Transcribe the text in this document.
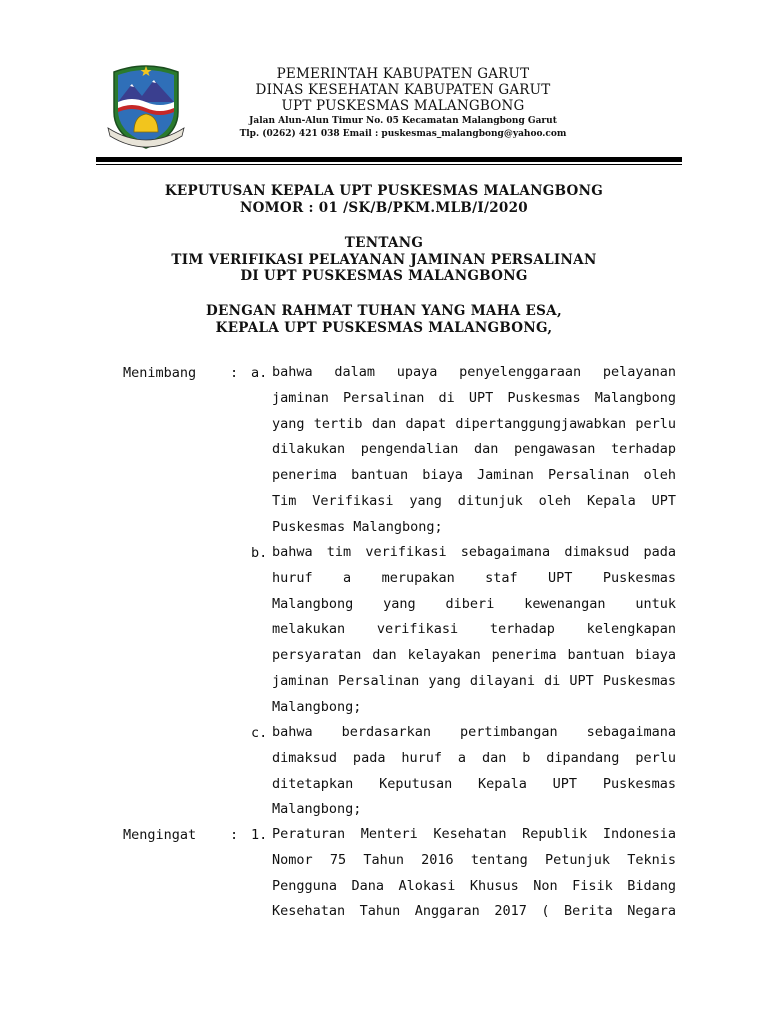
PEMERINTAH KABUPATEN GARUT
DINAS KESEHATAN KABUPATEN GARUT
UPT PUSKESMAS MALANGBONG
Jalan Alun-Alun Timur No. 05 Kecamatan Malangbong Garut
Tlp. (0262) 421 038 Email : puskesmas_malangbong@yahoo.com
KEPUTUSAN KEPALA UPT PUSKESMAS MALANGBONG
NOMOR : 01 /SK/B/PKM.MLB/I/2020
TENTANG
TIM VERIFIKASI PELAYANAN JAMINAN PERSALINAN
DI UPT PUSKESMAS MALANGBONG
DENGAN RAHMAT TUHAN YANG MAHA ESA,
KEPALA UPT PUSKESMAS MALANGBONG,
Menimbang	: a. bahwa dalam upaya penyelenggaraan pelayanan
jaminan Persalinan di UPT Puskesmas Malangbong
yang tertib dan dapat dipertanggungjawabkan perlu
dilakukan pengendalian dan pengawasan terhadap
penerima bantuan biaya Jaminan Persalinan oleh
Tim Verifikasi yang ditunjuk oleh Kepala UPT
Puskesmas Malangbong;
b. bahwa tim verifikasi sebagaimana dimaksud pada
huruf a merupakan staf UPT Puskesmas
Malangbong yang diberi kewenangan untuk
melakukan verifikasi terhadap kelengkapan
persyaratan dan kelayakan penerima bantuan biaya
jaminan Persalinan yang dilayani di UPT Puskesmas
Malangbong;
c. bahwa berdasarkan pertimbangan sebagaimana
dimaksud pada huruf a dan b dipandang perlu
ditetapkan Keputusan Kepala UPT Puskesmas
Malangbong;
Mengingat	: 1. Peraturan Menteri Kesehatan Republik Indonesia
Nomor 75 Tahun 2016 tentang Petunjuk Teknis
Pengguna Dana Alokasi Khusus Non Fisik Bidang
Kesehatan Tahun Anggaran 2017 ( Berita Negara
